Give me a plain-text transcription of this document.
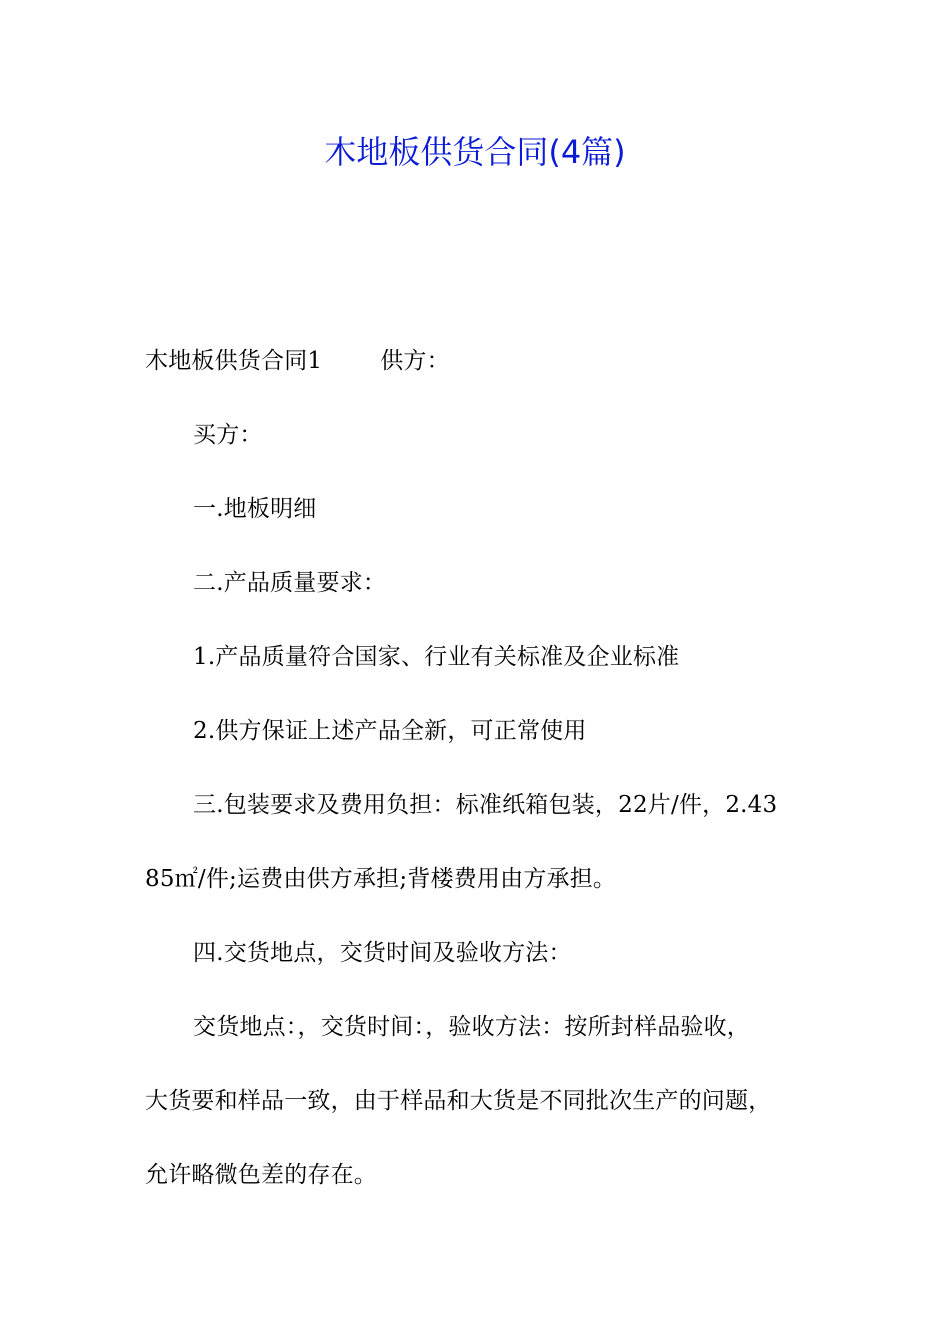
木地板供货合同(4篇)
木地板供货合同1	供方：
买方：
一.地板明细
二.产品质量要求：
1.产品质量符合国家、行业有关标准及企业标准
2.供方保证上述产品全新，可正常使用
三.包装要求及费用负担：标准纸箱包装，22片/件，2.43
85㎡/件;运费由供方承担;背楼费用由方承担。
四.交货地点，交货时间及验收方法：
交货地点：，交货时间：，验收方法：按所封样品验收，
大货要和样品一致，由于样品和大货是不同批次生产的问题，
允许略微色差的存在。
